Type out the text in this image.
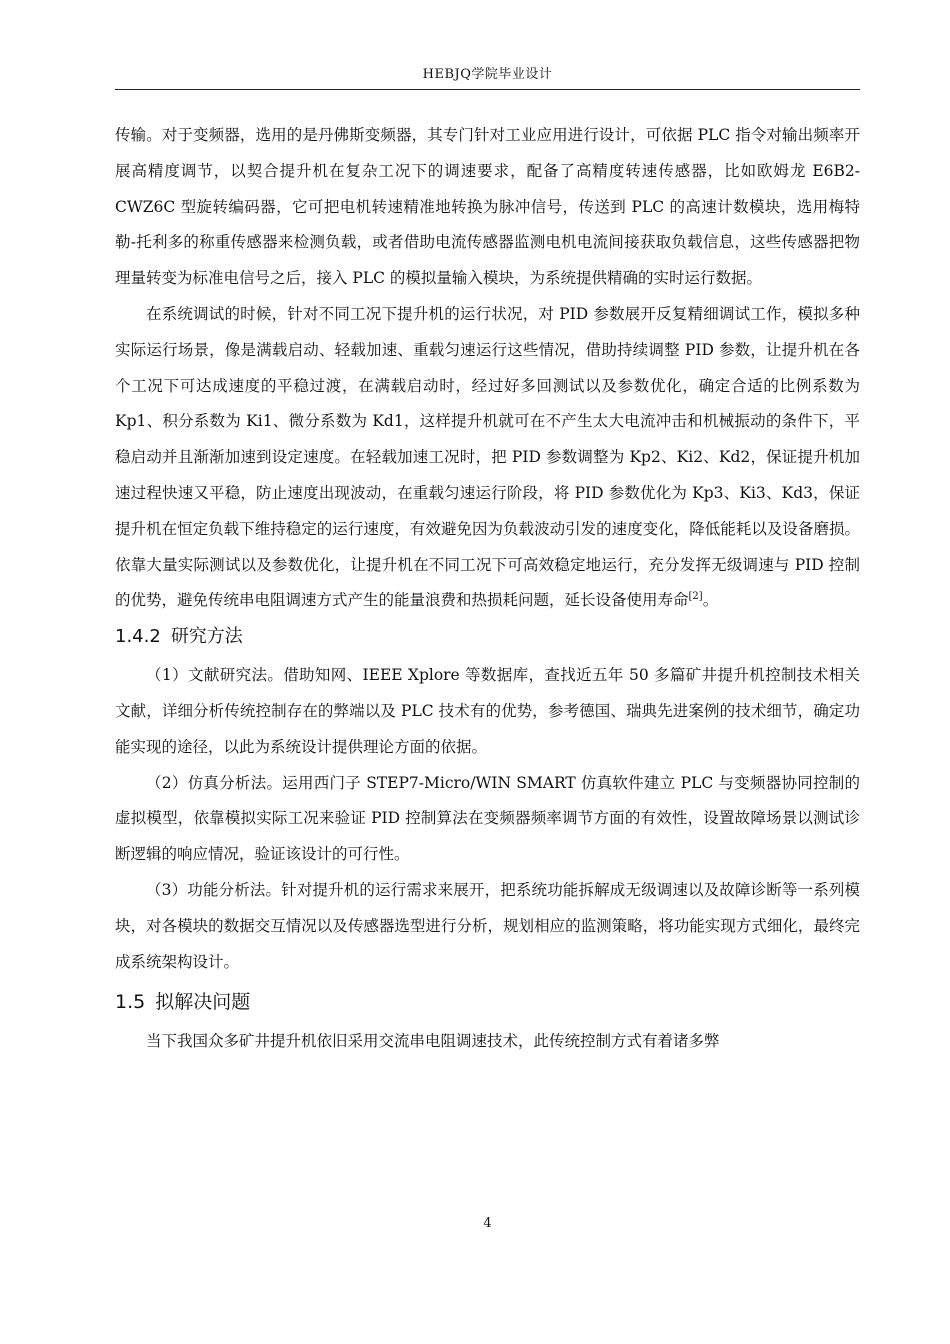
HEBJQ学院毕业设计

传输。对于变频器，选用的是丹佛斯变频器，其专门针对工业应用进行设计，可依据 PLC 指令对输出频率开展高精度调节，以契合提升机在复杂工况下的调速要求，配备了高精度转速传感器，比如欧姆龙 E6B2-CWZ6C 型旋转编码器，它可把电机转速精准地转换为脉冲信号，传送到 PLC 的高速计数模块，选用梅特勒-托利多的称重传感器来检测负载，或者借助电流传感器监测电机电流间接获取负载信息，这些传感器把物理量转变为标准电信号之后，接入 PLC 的模拟量输入模块，为系统提供精确的实时运行数据。

在系统调试的时候，针对不同工况下提升机的运行状况，对 PID 参数展开反复精细调试工作，模拟多种实际运行场景，像是满载启动、轻载加速、重载匀速运行这些情况，借助持续调整 PID 参数，让提升机在各个工况下可达成速度的平稳过渡，在满载启动时，经过好多回测试以及参数优化，确定合适的比例系数为 Kp1、积分系数为 Ki1、微分系数为 Kd1，这样提升机就可在不产生太大电流冲击和机械振动的条件下，平稳启动并且渐渐加速到设定速度。在轻载加速工况时，把 PID 参数调整为 Kp2、Ki2、Kd2，保证提升机加速过程快速又平稳，防止速度出现波动，在重载匀速运行阶段，将 PID 参数优化为 Kp3、Ki3、Kd3，保证提升机在恒定负载下维持稳定的运行速度，有效避免因为负载波动引发的速度变化，降低能耗以及设备磨损。依靠大量实际测试以及参数优化，让提升机在不同工况下可高效稳定地运行，充分发挥无级调速与 PID 控制的优势，避免传统串电阻调速方式产生的能量浪费和热损耗问题，延长设备使用寿命[2]。

1.4.2 研究方法

（1）文献研究法。借助知网、IEEE Xplore 等数据库，查找近五年 50 多篇矿井提升机控制技术相关文献，详细分析传统控制存在的弊端以及 PLC 技术有的优势，参考德国、瑞典先进案例的技术细节，确定功能实现的途径，以此为系统设计提供理论方面的依据。

（2）仿真分析法。运用西门子 STEP7-Micro/WIN SMART 仿真软件建立 PLC 与变频器协同控制的虚拟模型，依靠模拟实际工况来验证 PID 控制算法在变频器频率调节方面的有效性，设置故障场景以测试诊断逻辑的响应情况，验证该设计的可行性。

（3）功能分析法。针对提升机的运行需求来展开，把系统功能拆解成无级调速以及故障诊断等一系列模块，对各模块的数据交互情况以及传感器选型进行分析，规划相应的监测策略，将功能实现方式细化，最终完成系统架构设计。

1.5 拟解决问题

当下我国众多矿井提升机依旧采用交流串电阻调速技术，此传统控制方式有着诸多弊

4
